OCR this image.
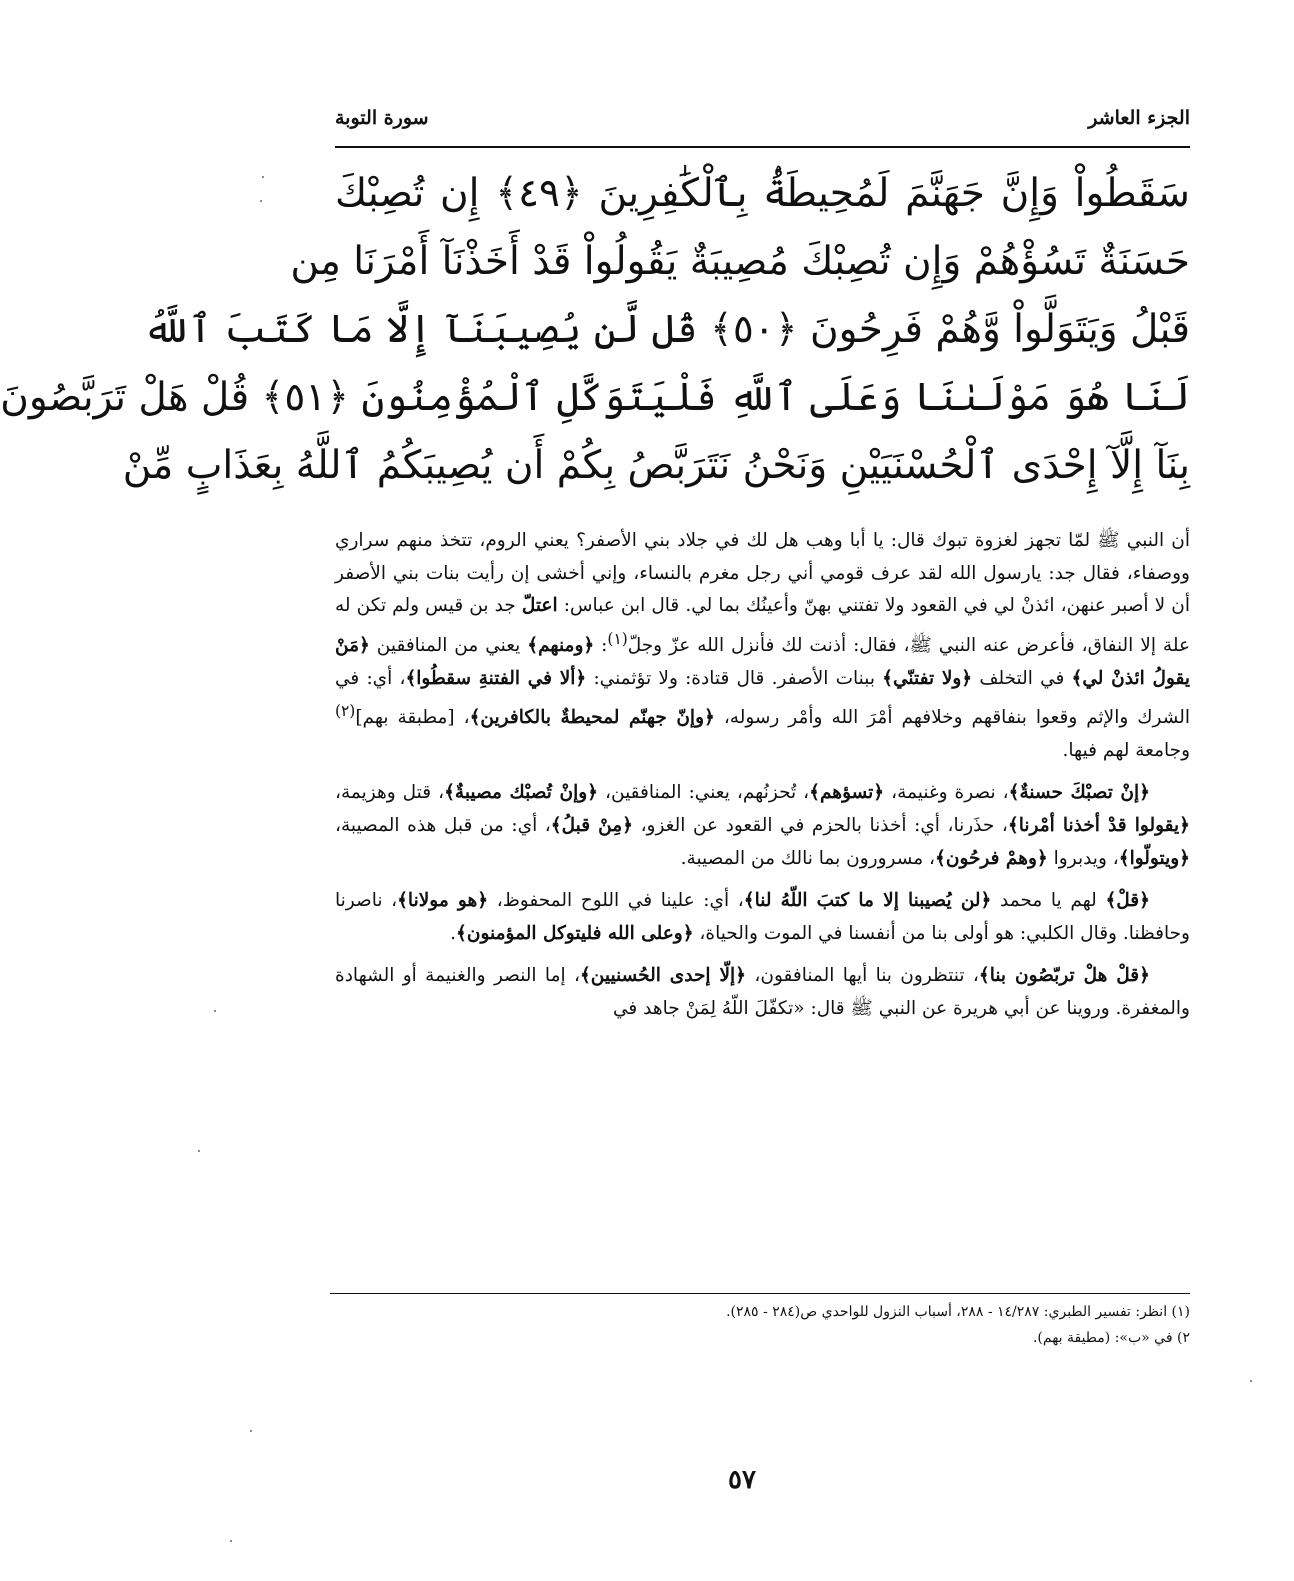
الجزء العاشر
سورة التوبة
سَقَطُواْ وَإِنَّ جَهَنَّمَ لَمُحِيطَةُۢ بِٱلْكَٰفِرِينَ ﴿٤٩﴾ إِن تُصِبْكَ
حَسَنَةٌ تَسُؤْهُمْ وَإِن تُصِبْكَ مُصِيبَةٌ يَقُولُواْ قَدْ أَخَذْنَآ أَمْرَنَا مِن
قَبْلُ وَيَتَوَلَّواْ وَّهُمْ فَرِحُونَ ﴿٥٠﴾ قُل لَّن يُصِيبَنَآ إِلَّا مَا كَتَبَ ٱللَّهُ
لَنَا هُوَ مَوْلَىٰنَا وَعَلَى ٱللَّهِ فَلْيَتَوَكَّلِ ٱلْمُؤْمِنُونَ ﴿٥١﴾ قُلْ هَلْ تَرَبَّصُونَ
بِنَآ إِلَّآ إِحْدَى ٱلْحُسْنَيَيْنِ وَنَحْنُ نَتَرَبَّصُ بِكُمْ أَن يُصِيبَكُمُ ٱللَّهُ بِعَذَابٍ مِّنْ

أن النبي ﷺ لمّا تجهز لغزوة تبوك قال: يا أبا وهب هل لك في جلاد بني الأصفر؟ يعني الروم، تتخذ منهم سراري ووصفاء، فقال جد: يارسول الله لقد عرف قومي أني رجل مغرم بالنساء، وإني أخشى إن رأيت بنات بني الأصفر أن لا أصبر عنهن، ائذنْ لي في القعود ولا تفتني بهنّ وأعينُك بما لي. قال ابن عباس: اعتلّ جد بن قيس ولم تكن له علة إلا النفاق، فأعرض عنه النبي ﷺ، فقال: أذنت لك فأنزل الله عزّ وجلّ$^{(١)}$: ﴿ومنهم﴾ يعني من المنافقين ﴿مَنْ يقولُ ائذنْ لي﴾ في التخلف ﴿ولا تفتنّي﴾ ببنات الأصفر. قال قتادة: ولا تؤثمني: ﴿ألا في الفتنةِ سقطُوا﴾، أي: في الشرك والإثم وقعوا بنفاقهم وخلافهم أمْرَ الله وأمْر رسوله، ﴿وإنّ جهنّم لمحيطةٌ بالكافرين﴾، [مطبقة بهم]$^{(٢)}$ وجامعة لهم فيها.

﴿إنْ تصبْكَ حسنةٌ﴾، نصرة وغنيمة، ﴿تسؤهم﴾، تُحزنُهم، يعني: المنافقين، ﴿وإنْ تُصبْك مصيبةٌ﴾، قتل وهزيمة، ﴿يقولوا قدْ أخذنا أمْرنا﴾، حذَرنا، أي: أخذنا بالحزم في القعود عن الغزو، ﴿مِنْ قبلُ﴾، أي: من قبل هذه المصيبة، ﴿ويتولّوا﴾، ويدبروا ﴿وهمْ فرحُون﴾، مسرورون بما نالك من المصيبة.

﴿قلْ﴾ لهم يا محمد ﴿لن يُصيبنا إلا ما كتبَ اللّهُ لنا﴾، أي: علينا في اللوح المحفوظ، ﴿هو مولانا﴾، ناصرنا وحافظنا. وقال الكلبي: هو أولى بنا من أنفسنا في الموت والحياة، ﴿وعلى الله فليتوكل المؤمنون﴾.

﴿قلْ هلْ تربّصُون بنا﴾، تنتظرون بنا أيها المنافقون، ﴿إلّا إحدى الحُسنيين﴾، إما النصر والغنيمة أو الشهادة والمغفرة. وروينا عن أبي هريرة عن النبي ﷺ قال: «تكفّلَ اللّهُ لِمَنْ جاهد في

(١) انظر: تفسير الطبري: ١٤/٢٨٧ - ٢٨٨، أسباب النزول للواحدي ص(٢٨٤ - ٢٨٥).
٢) في «ب»: (مطيقة بهم).
٥٧
